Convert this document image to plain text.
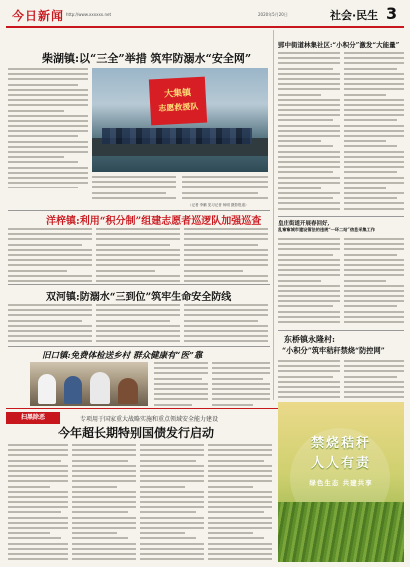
今日新闻 http://www.xxxxxx.net	2020年5月20日	社会·民生 3
柴湖镇:以“三全”举措 筑牢防溺水“安全网”
大集镇
志愿救援队
（记者 李鹏 见习记者 杨明 摄影报道）
洋梓镇:利用“积分制”组建志愿者巡逻队加强巡查
双河镇:防溺水“三到位”筑牢生命安全防线
旧口镇:免费体检送乡村 群众健康有“医”靠
郢中街道林集社区:“小积分”激发“大能量”
皇庄街道开展春回好,
乱窜窜城市建设管法的违规“一环二站”信息采集工作
东桥镇永隆村:
“小积分”筑牢秸秆禁烧“防控网”
扫黑除恶	专项用于国家重大战略实施和重点领域安全能力建设
今年超长期特别国债发行启动
禁烧秸秆
人人有责
绿色生态 共建共享
